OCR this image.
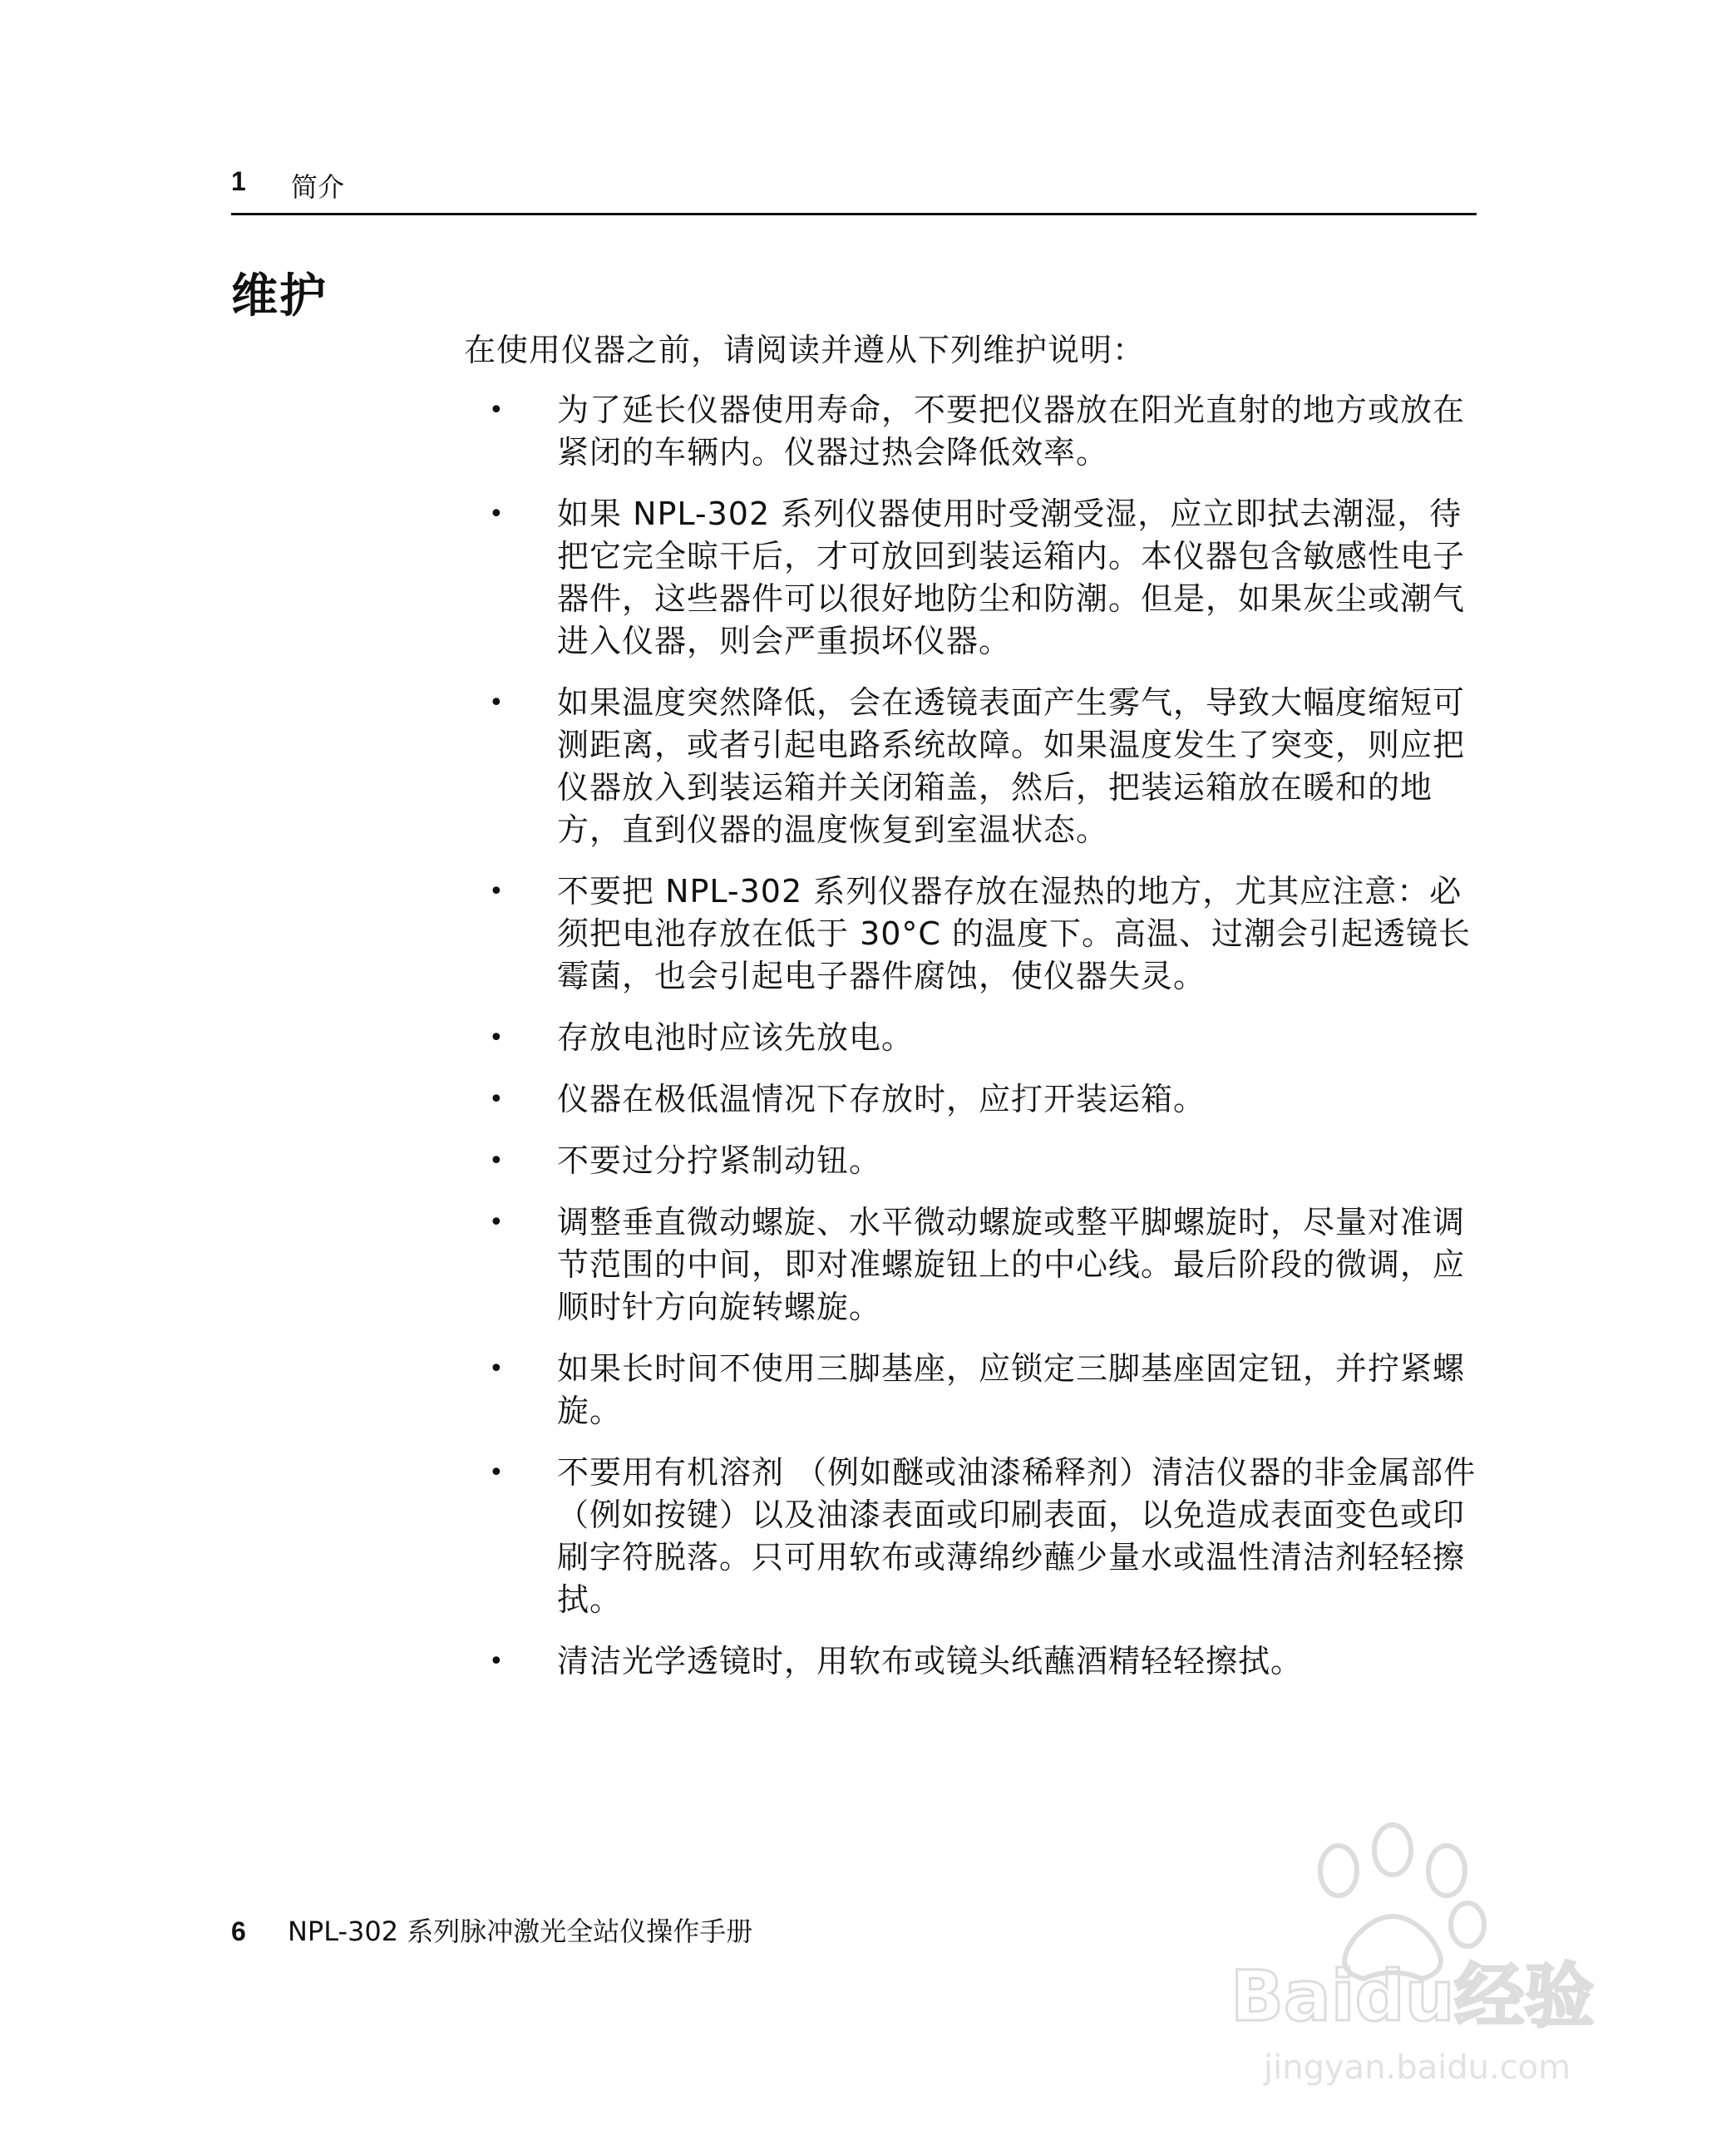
1 简介
维护
在使用仪器之前，请阅读并遵从下列维护说明：
• 为了延长仪器使用寿命，不要把仪器放在阳光直射的地方或放在紧闭的车辆内。仪器过热会降低效率。
• 如果 NPL-302 系列仪器使用时受潮受湿，应立即拭去潮湿，待把它完全晾干后，才可放回到装运箱内。本仪器包含敏感性电子器件，这些器件可以很好地防尘和防潮。但是，如果灰尘或潮气进入仪器，则会严重损坏仪器。
• 如果温度突然降低，会在透镜表面产生雾气，导致大幅度缩短可测距离，或者引起电路系统故障。如果温度发生了突变，则应把仪器放入到装运箱并关闭箱盖，然后，把装运箱放在暖和的地方，直到仪器的温度恢复到室温状态。
• 不要把 NPL-302 系列仪器存放在湿热的地方，尤其应注意：必须把电池存放在低于 30°C 的温度下。高温、过潮会引起透镜长霉菌，也会引起电子器件腐蚀，使仪器失灵。
• 存放电池时应该先放电。
• 仪器在极低温情况下存放时，应打开装运箱。
• 不要过分拧紧制动钮。
• 调整垂直微动螺旋、水平微动螺旋或整平脚螺旋时，尽量对准调节范围的中间，即对准螺旋钮上的中心线。最后阶段的微调，应顺时针方向旋转螺旋。
• 如果长时间不使用三脚基座，应锁定三脚基座固定钮，并拧紧螺旋。
• 不要用有机溶剂 （例如醚或油漆稀释剂）清洁仪器的非金属部件 （例如按键）以及油漆表面或印刷表面，以免造成表面变色或印刷字符脱落。只可用软布或薄绵纱蘸少量水或温性清洁剂轻轻擦拭。
• 清洁光学透镜时，用软布或镜头纸蘸酒精轻轻擦拭。
6 NPL-302 系列脉冲激光全站仪操作手册
Baidu经验
jingyan.baidu.com
